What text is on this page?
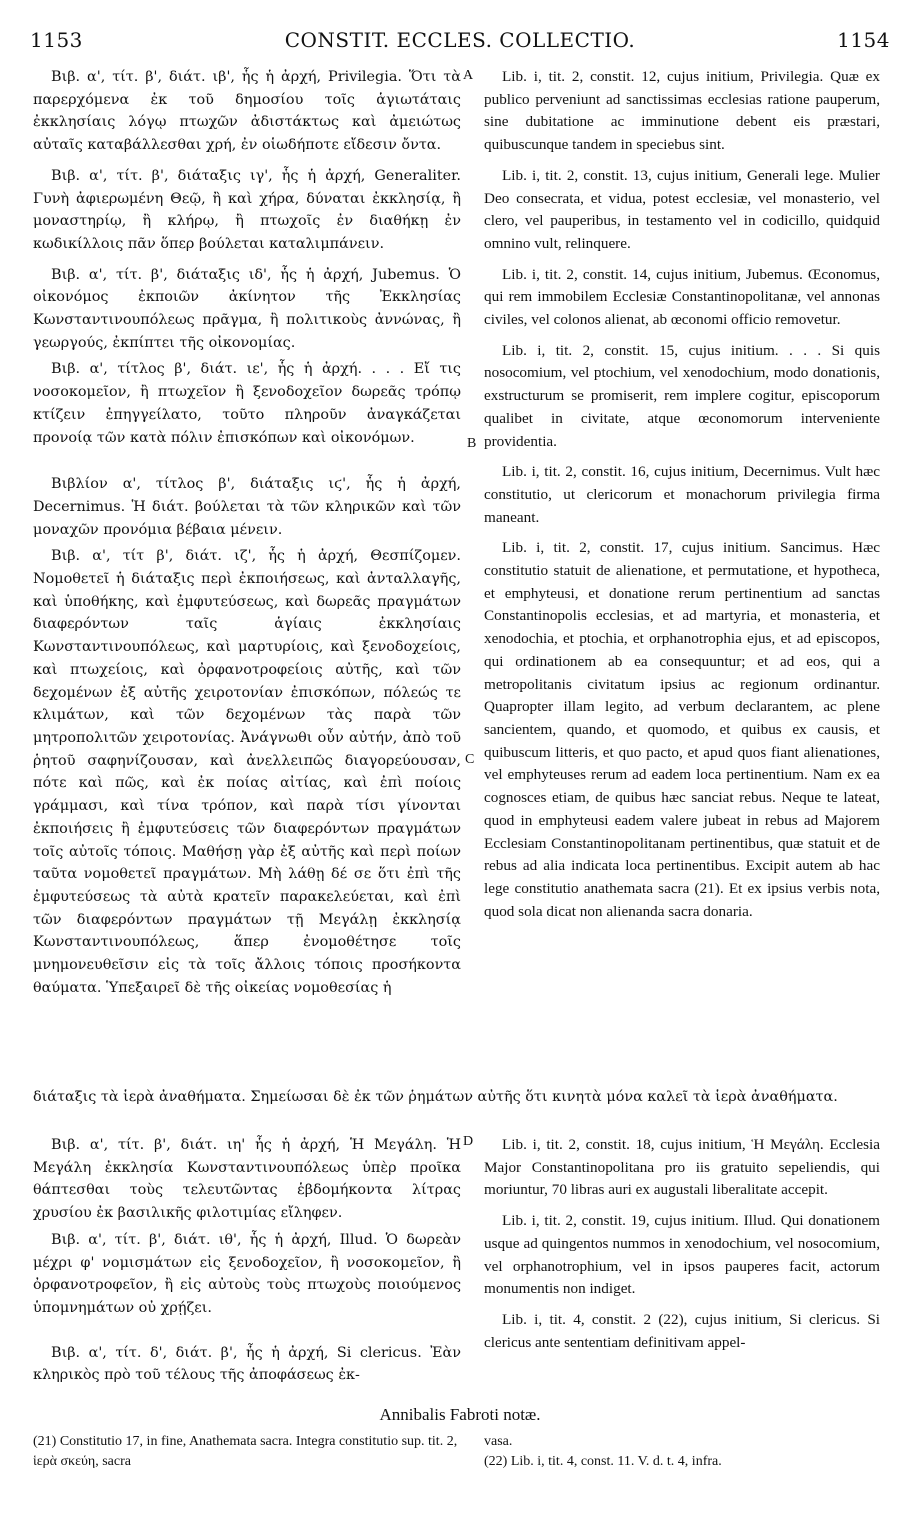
1153	CONSTIT. ECCLES. COLLECTIO.	1154

Βιβ. α', τίτ. β', διάτ. ιβ', ἧς ἡ ἀρχή, Privilegia. Ὅτι τὰ παρερχόμενα ἐκ τοῦ δημοσίου τοῖς ἁγιωτάταις ἐκκλησίαις λόγῳ πτωχῶν ἀδιστάκτως καὶ ἀμειώτως αὐταῖς καταβάλλεσθαι χρή, ἐν οἱωδήποτε εἴδεσιν ὄντα.

Βιβ. α', τίτ. β', διάταξις ιγ', ἧς ἡ ἀρχή, Generaliter. Γυνὴ ἀφιερωμένη Θεῷ, ἢ καὶ χήρα, δύναται ἐκκλησίᾳ, ἢ μοναστηρίῳ, ἢ κλήρῳ, ἢ πτωχοῖς ἐν διαθήκῃ ἐν κωδικίλλοις πᾶν ὅπερ βούλεται καταλιμπάνειν.

Βιβ. α', τίτ. β', διάταξις ιδ', ἧς ἡ ἀρχή, Jubemus. Ὁ οἰκονόμος ἐκποιῶν ἀκίνητον τῆς Ἐκκλησίας Κωνσταντινουπόλεως πρᾶγμα, ἢ πολιτικοὺς ἀννώνας, ἢ γεωργούς, ἐκπίπτει τῆς οἰκονομίας.

Βιβ. α', τίτλος β', διάτ. ιε', ἧς ἡ ἀρχή. . . . Εἴ τις νοσοκομεῖον, ἢ πτωχεῖον ἢ ξενοδοχεῖον δωρεᾶς τρόπῳ κτίζειν ἐπηγγείλατο, τοῦτο πληροῦν ἀναγκάζεται προνοίᾳ τῶν κατὰ πόλιν ἐπισκόπων καὶ οἰκονόμων.

Βιβλίον α', τίτλος β', διάταξις ιϛ', ἧς ἡ ἀρχή, Decernimus. Ἡ διάτ. βούλεται τὰ τῶν κληρικῶν καὶ τῶν μοναχῶν προνόμια βέβαια μένειν.

Βιβ. α', τίτ β', διάτ. ιζ', ἧς ἡ ἀρχή, Θεσπίζομεν. Νομοθετεῖ ἡ διάταξις περὶ ἐκποιήσεως, καὶ ἀνταλλαγῆς, καὶ ὑποθήκης, καὶ ἐμφυτεύσεως, καὶ δωρεᾶς πραγμάτων διαφερόντων ταῖς ἁγίαις ἐκκλησίαις Κωνσταντινουπόλεως, καὶ μαρτυρίοις, καὶ ξενοδοχείοις, καὶ πτωχείοις, καὶ ὀρφανοτροφείοις αὐτῆς, καὶ τῶν δεχομένων ἐξ αὐτῆς χειροτονίαν ἐπισκόπων, πόλεώς τε κλιμάτων, καὶ τῶν δεχομένων τὰς παρὰ τῶν μητροπολιτῶν χειροτονίας. Ἀνάγνωθι οὖν αὐτήν, ἀπὸ τοῦ ῥητοῦ σαφηνίζουσαν, καὶ ἀνελλειπῶς διαγορεύουσαν, πότε καὶ πῶς, καὶ ἐκ ποίας αἰτίας, καὶ ἐπὶ ποίοις γράμμασι, καὶ τίνα τρόπον, καὶ παρὰ τίσι γίνονται ἐκποιήσεις ἢ ἐμφυτεύσεις τῶν διαφερόντων πραγμάτων τοῖς αὐτοῖς τόποις. Μαθήσῃ γὰρ ἐξ αὐτῆς καὶ περὶ ποίων ταῦτα νομοθετεῖ πραγμάτων. Μὴ λάθῃ δέ σε ὅτι ἐπὶ τῆς ἐμφυτεύσεως τὰ αὐτὰ κρατεῖν παρακελεύεται, καὶ ἐπὶ τῶν διαφερόντων πραγμάτων τῇ Μεγάλῃ ἐκκλησίᾳ Κωνσταντινουπόλεως, ἅπερ ἐνομοθέτησε τοῖς μνημονευθεῖσιν εἰς τὰ τοῖς ἄλλοις τόποις προσήκοντα θαύματα. Ὑπεξαιρεῖ δὲ τῆς οἰκείας νομοθεσίας ἡ

διάταξις τὰ ἱερὰ ἀναθήματα. Σημείωσαι δὲ ἐκ τῶν ῥημάτων αὐτῆς ὅτι κινητὰ μόνα καλεῖ τὰ ἱερὰ ἀναθήματα.

Βιβ. α', τίτ. β', διάτ. ιη' ἧς ἡ ἀρχή, Ἡ Μεγάλη. Ἡ Μεγάλη ἐκκλησία Κωνσταντινουπόλεως ὑπὲρ προῖκα θάπτεσθαι τοὺς τελευτῶντας ἑβδομήκοντα λίτρας χρυσίου ἐκ βασιλικῆς φιλοτιμίας εἴληφεν.

Βιβ. α', τίτ. β', διάτ. ιθ', ἧς ἡ ἀρχή, Illud. Ὁ δωρεὰν μέχρι φ' νομισμάτων εἰς ξενοδοχεῖον, ἢ νοσοκομεῖον, ἢ ὀρφανοτροφεῖον, ἢ εἰς αὐτοὺς τοὺς πτωχοὺς ποιούμενος ὑπομνημάτων οὐ χρῄζει.

Βιβ. α', τίτ. δ', διάτ. β', ἧς ἡ ἀρχή, Si clericus. Ἐὰν κληρικὸς πρὸ τοῦ τέλους τῆς ἀποφάσεως ἐκ-

Lib. i, tit. 2, constit. 12, cujus initium, Privilegia. Quæ ex publico perveniunt ad sanctissimas ecclesias ratione pauperum, sine dubitatione ac imminutione debent eis præstari, quibuscunque tandem in speciebus sint.

Lib. i, tit. 2, constit. 13, cujus initium, Generali lege. Mulier Deo consecrata, et vidua, potest ecclesiæ, vel monasterio, vel clero, vel pauperibus, in testamento vel in codicillo, quidquid omnino vult, relinquere.

Lib. i, tit. 2, constit. 14, cujus initium, Jubemus. Œconomus, qui rem immobilem Ecclesiæ Constantinopolitanæ, vel annonas civiles, vel colonos alienat, ab œconomi officio removetur.

Lib. i, tit. 2, constit. 15, cujus initium. . . . Si quis nosocomium, vel ptochium, vel xenodochium, modo donationis, exstructurum se promiserit, rem implere cogitur, episcoporum qualibet in civitate, atque œconomorum interveniente providentia.

Lib. i, tit. 2, constit. 16, cujus initium, Decernimus. Vult hæc constitutio, ut clericorum et monachorum privilegia firma maneant.

Lib. i, tit. 2, constit. 17, cujus initium. Sancimus. Hæc constitutio statuit de alienatione, et permutatione, et hypotheca, et emphyteusi, et donatione rerum pertinentium ad sanctas Constantinopolis ecclesias, et ad martyria, et monasteria, et xenodochia, et ptochia, et orphanotrophia ejus, et ad episcopos, qui ordinationem ab ea consequuntur; et ad eos, qui a metropolitanis civitatum ipsius ac regionum ordinantur. Quapropter illam legito, ad verbum declarantem, ac plene sancientem, quando, et quomodo, et quibus ex causis, et quibuscum litteris, et quo pacto, et apud quos fiant alienationes, vel emphyteuses rerum ad eadem loca pertinentium. Nam ex ea cognosces etiam, de quibus hæc sanciat rebus. Neque te lateat, quod in emphyteusi eadem valere jubeat in rebus ad Majorem Ecclesiam Constantinopolitanam pertinentibus, quæ statuit et de rebus ad alia indicata loca pertinentibus. Excipit autem ab hac lege constitutio anathemata sacra (21). Et ex ipsius verbis nota, quod sola dicat non alienanda sacra donaria.

Lib. i, tit. 2, constit. 18, cujus initium, Ἡ Μεγάλη. Ecclesia Major Constantinopolitana pro iis gratuito sepeliendis, qui moriuntur, 70 libras auri ex augustali liberalitate accepit.

Lib. i, tit. 2, constit. 19, cujus initium. Illud. Qui donationem usque ad quingentos nummos in xenodochium, vel nosocomium, vel orphanotrophium, vel in ipsos pauperes facit, actorum monumentis non indiget.

Lib. i, tit. 4, constit. 2 (22), cujus initium, Si clericus. Si clericus ante sententiam definitivam appel-

A
B
C
D
Annibalis Fabroti notæ.

(21) Constitutio 17, in fine, Anathemata sacra. Integra constitutio sup. tit. 2, ἱερὰ σκεύη, sacra

vasa.

(22) Lib. i, tit. 4, const. 11. V. d. t. 4, infra.
